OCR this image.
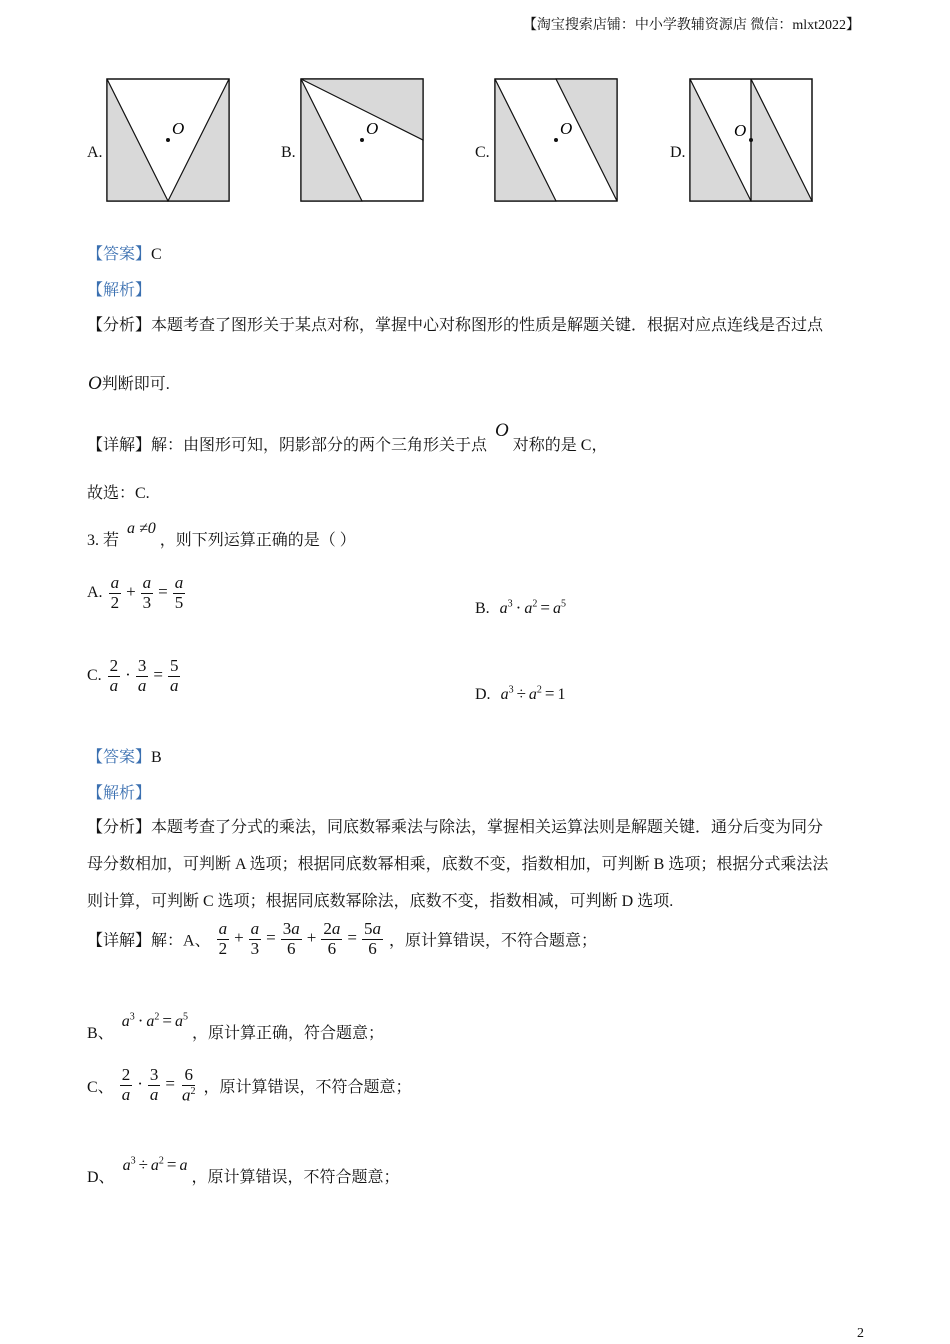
【淘宝搜索店铺：中小学教辅资源店 微信：mlxt2022】
A.
O
B.
O
C.
O
D.
O
【答案】C
【解析】
【分析】本题考查了图形关于某点对称，掌握中心对称图形的性质是解题关键．根据对应点连线是否过点
O判断即可.
【详解】解：由图形可知，阴影部分的两个三角形关于点 O对称的是 C，
故选：C.
3. 若 a ≠0，则下列运算正确的是（ ）
A. $\frac{a}{2} + \frac{a}{3} = \frac{a}{5}$	B. $a^3 \cdot a^2 = a^5$
C. $\frac{2}{a} \cdot \frac{3}{a} = \frac{5}{a}$	D. $a^3 \div a^2 = 1$
【答案】B
【解析】
【分析】本题考查了分式的乘法，同底数幂乘法与除法，掌握相关运算法则是解题关键．通分后变为同分
母分数相加，可判断 A 选项；根据同底数幂相乘，底数不变，指数相加，可判断 B 选项；根据分式乘法法
则计算，可判断 C 选项；根据同底数幂除法，底数不变，指数相减，可判断 D 选项.
【详解】解：A、 $\frac{a}{2} + \frac{a}{3} = \frac{3a}{6} + \frac{2a}{6} = \frac{5a}{6}$ ，原计算错误，不符合题意；
B、 $a^3 \cdot a^2 = a^5$，原计算正确，符合题意；
C、 $\frac{2}{a} \cdot \frac{3}{a} = \frac{6}{a^2}$ ，原计算错误，不符合题意；
D、 $a^3 \div a^2 = a$，原计算错误，不符合题意；
2
